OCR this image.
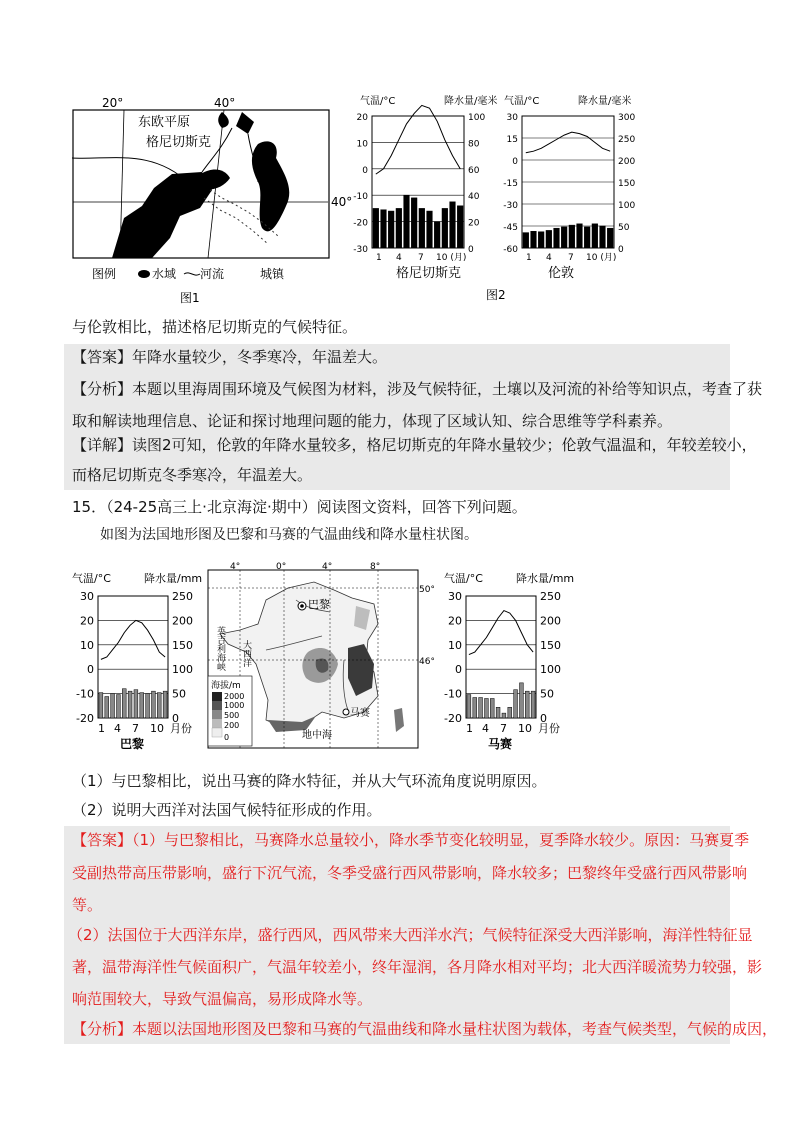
20°	40°
40°
东欧平原
格尼切斯克
图例	水域 河流	城镇
图1
气温/°C	降水量/毫米 气温/°C	降水量/毫米
20
10
0
-10
-20
-30
100
80
60
40
20
0
1 4 7 10 (月)
30
15
0
-15
-30
-45
-60
300
250
200
150
100
50
0
1 4 7 10 (月)
格尼切斯克	伦敦
图2
与伦敦相比，描述格尼切斯克的气候特征。
【答案】年降水量较少，冬季寒冷，年温差大。
【分析】本题以里海周围环境及气候图为材料，涉及气候特征，土壤以及河流的补给等知识点，考查了获
取和解读地理信息、论证和探讨地理问题的能力，体现了区域认知、综合思维等学科素养。
【详解】读图2可知，伦敦的年降水量较多，格尼切斯克的年降水量较少；伦敦气温温和，年较差较小，
而格尼切斯克冬季寒冷，年温差大。
15．（24-25高三上·北京海淀·期中）阅读图文资料，回答下列问题。
如图为法国地形图及巴黎和马赛的气温曲线和降水量柱状图。
气温/°C	降水量/mm
30
20
10
0
-10
-20
250
200
150
100
50
0
1 4 7 10 月份
巴黎
巴黎
马赛
地中海
英吉利海峡 大西洋
4°	0°	4°	8°
50°
46°
海拔/m
2000
1000
500
200
0
气温/°C	降水量/mm
30
20
10
0
-10
-20
250
200
150
100
50
0
1 4 7 10 月份
马赛
（1）与巴黎相比，说出马赛的降水特征，并从大气环流角度说明原因。
（2）说明大西洋对法国气候特征形成的作用。
【答案】（1）与巴黎相比，马赛降水总量较小，降水季节变化较明显，夏季降水较少。原因：马赛夏季
受副热带高压带影响，盛行下沉气流，冬季受盛行西风带影响，降水较多；巴黎终年受盛行西风带影响
等。
（2）法国位于大西洋东岸，盛行西风，西风带来大西洋水汽；气候特征深受大西洋影响，海洋性特征显
著，温带海洋性气候面积广，气温年较差小，终年湿润，各月降水相对平均；北大西洋暖流势力较强，影
响范围较大，导致气温偏高，易形成降水等。
【分析】本题以法国地形图及巴黎和马赛的气温曲线和降水量柱状图为载体，考查气候类型，气候的成因，
